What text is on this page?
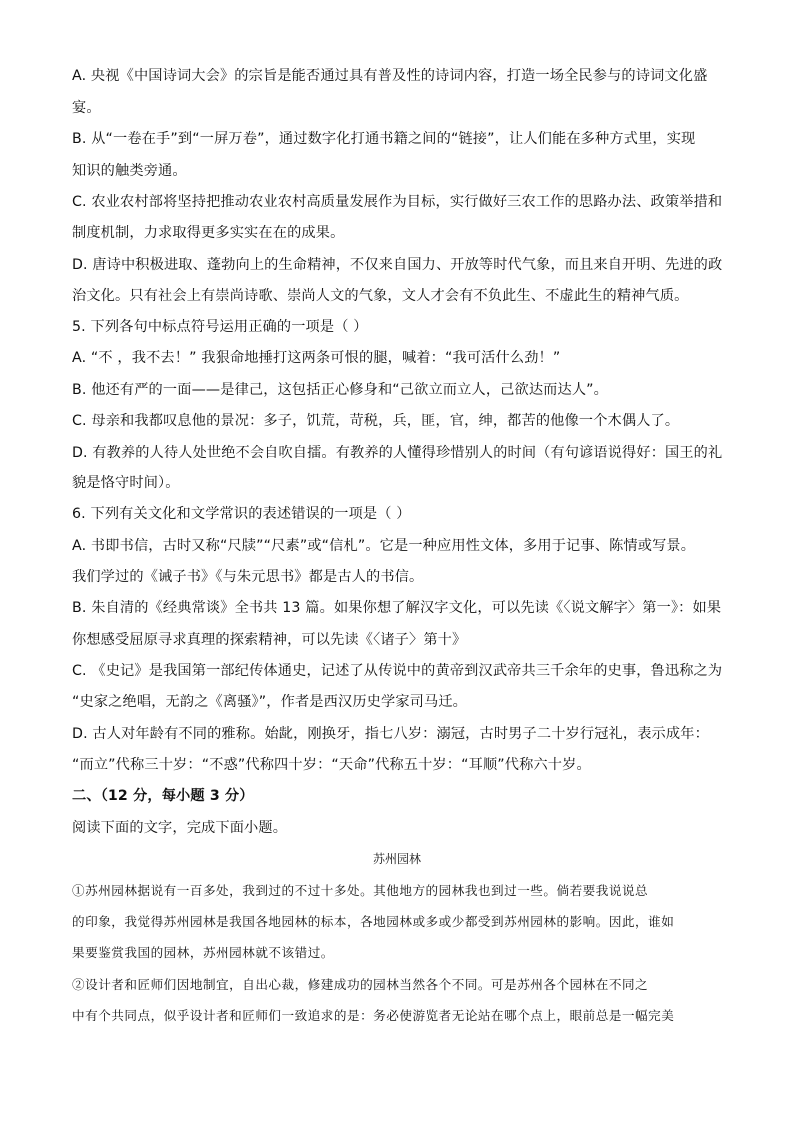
A. 央视《中国诗词大会》的宗旨是能否通过具有普及性的诗词内容，打造一场全民参与的诗词文化盛
宴。
B. 从“一卷在手”到“一屏万卷”，通过数字化打通书籍之间的“链接”，让人们能在多种方式里，实现
知识的触类旁通。
C. 农业农村部将坚持把推动农业农村高质量发展作为目标，实行做好三农工作的思路办法、政策举措和
制度机制，力求取得更多实实在在的成果。
D. 唐诗中积极进取、蓬勃向上的生命精神，不仅来自国力、开放等时代气象，而且来自开明、先进的政
治文化。只有社会上有崇尚诗歌、崇尚人文的气象，文人才会有不负此生、不虚此生的精神气质。
5. 下列各句中标点符号运用正确的一项是（ ）
A. “不 ，我不去！” 我狠命地捶打这两条可恨的腿，喊着：“我可活什么劲！”
B. 他还有严的一面——是律己，这包括正心修身和“己欲立而立人，己欲达而达人”。
C. 母亲和我都叹息他的景况：多子，饥荒，苛税，兵，匪，官，绅，都苦的他像一个木偶人了。
D. 有教养的人待人处世绝不会自吹自擂。有教养的人懂得珍惜别人的时间（有句谚语说得好：国王的礼
貌是恪守时间）。
6. 下列有关文化和文学常识的表述错误的一项是（ ）
A. 书即书信，古时又称“尺牍”“尺素”或“信札”。它是一种应用性文体，多用于记事、陈情或写景。
我们学过的《诫子书》《与朱元思书》都是古人的书信。
B. 朱自清的《经典常谈》全书共 13 篇。如果你想了解汉字文化，可以先读《〈说文解字〉第一》：如果
你想感受屈原寻求真理的探索精神，可以先读《〈诸子〉第十》
C. 《史记》是我国第一部纪传体通史，记述了从传说中的黄帝到汉武帝共三千余年的史事，鲁迅称之为
“史家之绝唱，无韵之《离骚》”，作者是西汉历史学家司马迁。
D. 古人对年龄有不同的雅称。始龀，刚换牙，指七八岁：溺冠，古时男子二十岁行冠礼，表示成年：
“而立”代称三十岁：“不惑”代称四十岁：“天命”代称五十岁：“耳顺”代称六十岁。
二、（12 分，每小题 3 分）
阅读下面的文字，完成下面小题。
苏州园林
①苏州园林据说有一百多处，我到过的不过十多处。其他地方的园林我也到过一些。倘若要我说说总
的印象，我觉得苏州园林是我国各地园林的标本，各地园林或多或少都受到苏州园林的影响。因此，谁如
果要鉴赏我国的园林，苏州园林就不该错过。
②设计者和匠师们因地制宜，自出心裁，修建成功的园林当然各个不同。可是苏州各个园林在不同之
中有个共同点，似乎设计者和匠师们一致追求的是：务必使游览者无论站在哪个点上，眼前总是一幅完美
